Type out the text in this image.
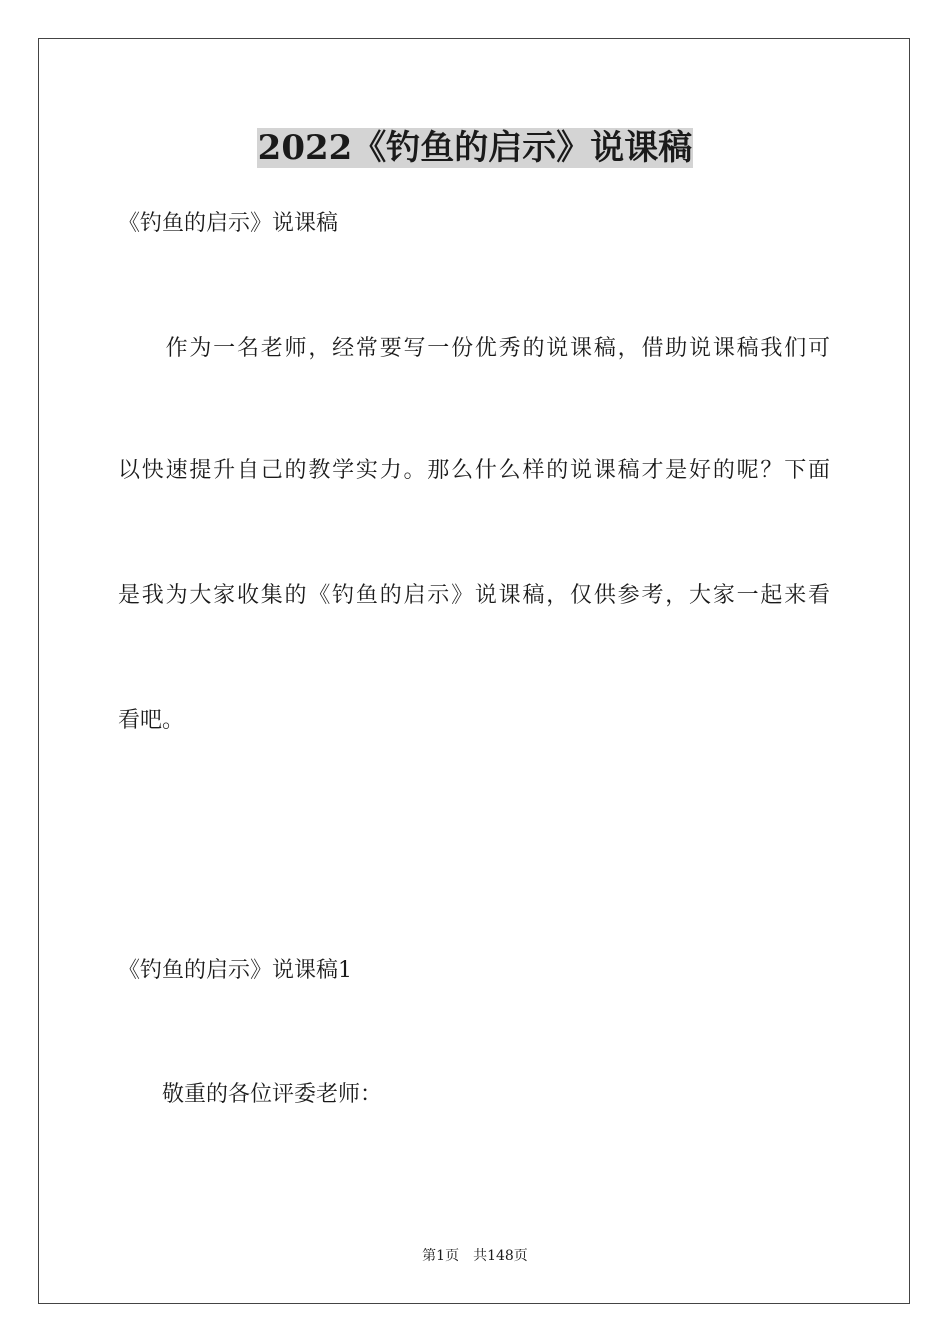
2022《钓鱼的启示》说课稿

《钓鱼的启示》说课稿

　　作为一名老师，经常要写一份优秀的说课稿，借助说课稿我们可

以快速提升自己的教学实力。那么什么样的说课稿才是好的呢？下面

是我为大家收集的《钓鱼的启示》说课稿，仅供参考，大家一起来看

看吧。

《钓鱼的启示》说课稿1

　　敬重的各位评委老师：

第1页　共148页
